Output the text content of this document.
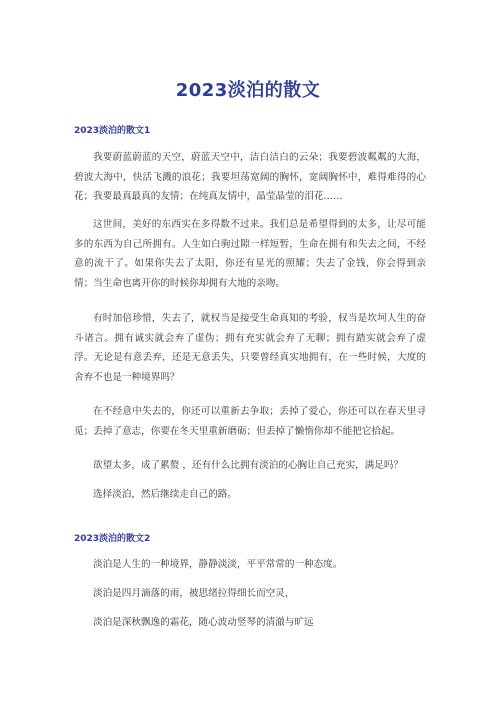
2023淡泊的散文
2023淡泊的散文1
我要蔚蓝蔚蓝的天空，蔚蓝天空中，洁白洁白的云朵；我要碧波粼粼的大海，碧波大海中，快活飞溅的浪花；我要坦荡宽阔的胸怀，宽阔胸怀中，难得难得的心花；我要最真最真的友情；在纯真友情中，晶莹晶莹的泪花……
这世间，美好的东西实在多得数不过来。我们总是希望得到的太多，让尽可能多的东西为自己所拥有。人生如白驹过隙一样短暂，生命在拥有和失去之间，不经意的流干了。如果你失去了太阳，你还有星光的照耀；失去了金钱，你会得到亲情；当生命也离开你的时候你却拥有大地的亲吻。
有时加倍珍惜，失去了，就权当是接受生命真知的考验，权当是坎坷人生的奋斗诸言。拥有诚实就会弃了虚伪；拥有充实就会弃了无聊；拥有踏实就会弃了虚浮。无论是有意丢弃，还是无意丢失，只要曾经真实地拥有，在一些时候，大度的舍弃不也是一种境界吗？
在不经意中失去的，你还可以重新去争取；丢掉了爱心，你还可以在春天里寻觅；丢掉了意志，你要在冬天里重新磨砺；但丢掉了懒惰你却不能把它拾起。
欲望太多，成了累赘 ，还有什么比拥有淡泊的心胸让自己充实，满足吗？
选择淡泊，然后继续走自己的路。
2023淡泊的散文2
淡泊是人生的一种境界，静静淡淡，平平常常的一种态度。
淡泊是四月滴落的雨，被思绪拉得细长而空灵，
淡泊是深秋飘逸的霜花，随心波动竖琴的清澈与旷远
